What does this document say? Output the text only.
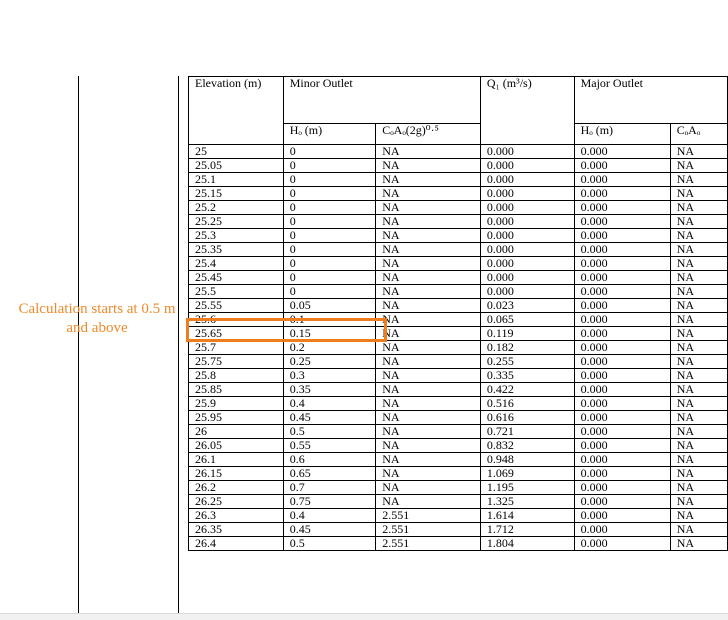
Calculation starts at 0.5 m and above
Elevation (m)	Minor Outlet		Q₁ (m³/s)	Major Outlet	
	Hₒ (m)	CₒAₒ(2g)⁰·⁵		Hₒ (m)	CₒAₒ
25	0	NA	0.000	0.000	NA
25.05	0	NA	0.000	0.000	NA
25.1	0	NA	0.000	0.000	NA
25.15	0	NA	0.000	0.000	NA
25.2	0	NA	0.000	0.000	NA
25.25	0	NA	0.000	0.000	NA
25.3	0	NA	0.000	0.000	NA
25.35	0	NA	0.000	0.000	NA
25.4	0	NA	0.000	0.000	NA
25.45	0	NA	0.000	0.000	NA
25.5	0	NA	0.000	0.000	NA
25.55	0.05	NA	0.023	0.000	NA
25.6	0.1	NA	0.065	0.000	NA
25.65	0.15	NA	0.119	0.000	NA
25.7	0.2	NA	0.182	0.000	NA
25.75	0.25	NA	0.255	0.000	NA
25.8	0.3	NA	0.335	0.000	NA
25.85	0.35	NA	0.422	0.000	NA
25.9	0.4	NA	0.516	0.000	NA
25.95	0.45	NA	0.616	0.000	NA
26	0.5	NA	0.721	0.000	NA
26.05	0.55	NA	0.832	0.000	NA
26.1	0.6	NA	0.948	0.000	NA
26.15	0.65	NA	1.069	0.000	NA
26.2	0.7	NA	1.195	0.000	NA
26.25	0.75	NA	1.325	0.000	NA
26.3	0.4	2.551	1.614	0.000	NA
26.35	0.45	2.551	1.712	0.000	NA
26.4	0.5	2.551	1.804	0.000	NA
